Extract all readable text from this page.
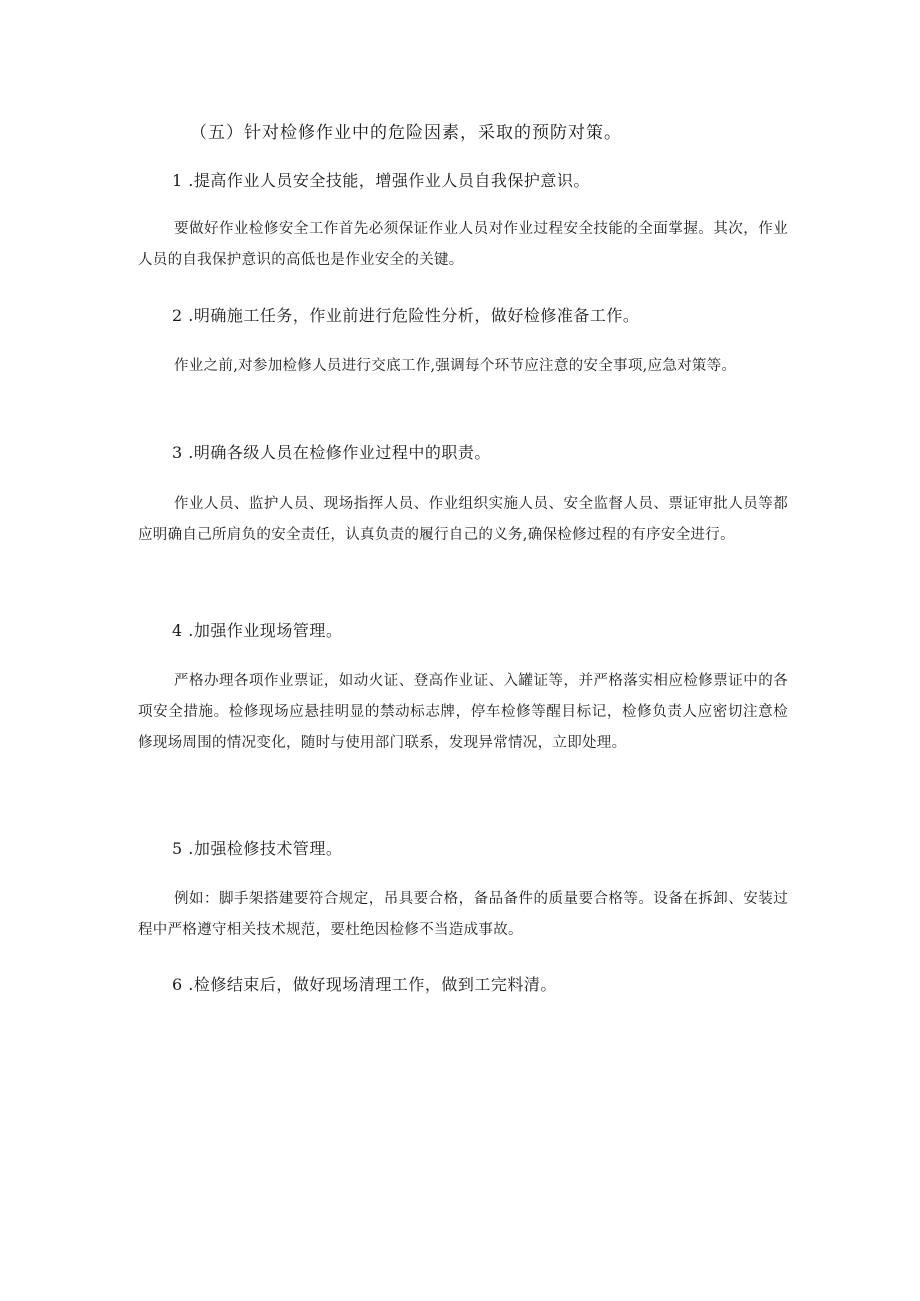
（五）针对检修作业中的危险因素，采取的预防对策。
1 .提高作业人员安全技能，增强作业人员自我保护意识。
要做好作业检修安全工作首先必须保证作业人员对作业过程安全技能的全面掌握。其次，作业人员的自我保护意识的高低也是作业安全的关键。
2 .明确施工任务，作业前进行危险性分析，做好检修准备工作。
作业之前,对参加检修人员进行交底工作,强调每个环节应注意的安全事项,应急对策等。
3 .明确各级人员在检修作业过程中的职责。
作业人员、监护人员、现场指挥人员、作业组织实施人员、安全监督人员、票证审批人员等都应明确自己所肩负的安全责任，认真负责的履行自己的义务,确保检修过程的有序安全进行。
4 .加强作业现场管理。
严格办理各项作业票证，如动火证、登高作业证、入罐证等，并严格落实相应检修票证中的各项安全措施。检修现场应悬挂明显的禁动标志牌，停车检修等醒目标记，检修负责人应密切注意检修现场周围的情况变化，随时与使用部门联系，发现异常情况，立即处理。
5 .加强检修技术管理。
例如：脚手架搭建要符合规定，吊具要合格，备品备件的质量要合格等。设备在拆卸、安装过程中严格遵守相关技术规范，要杜绝因检修不当造成事故。
6 .检修结束后，做好现场清理工作，做到工完料清。
